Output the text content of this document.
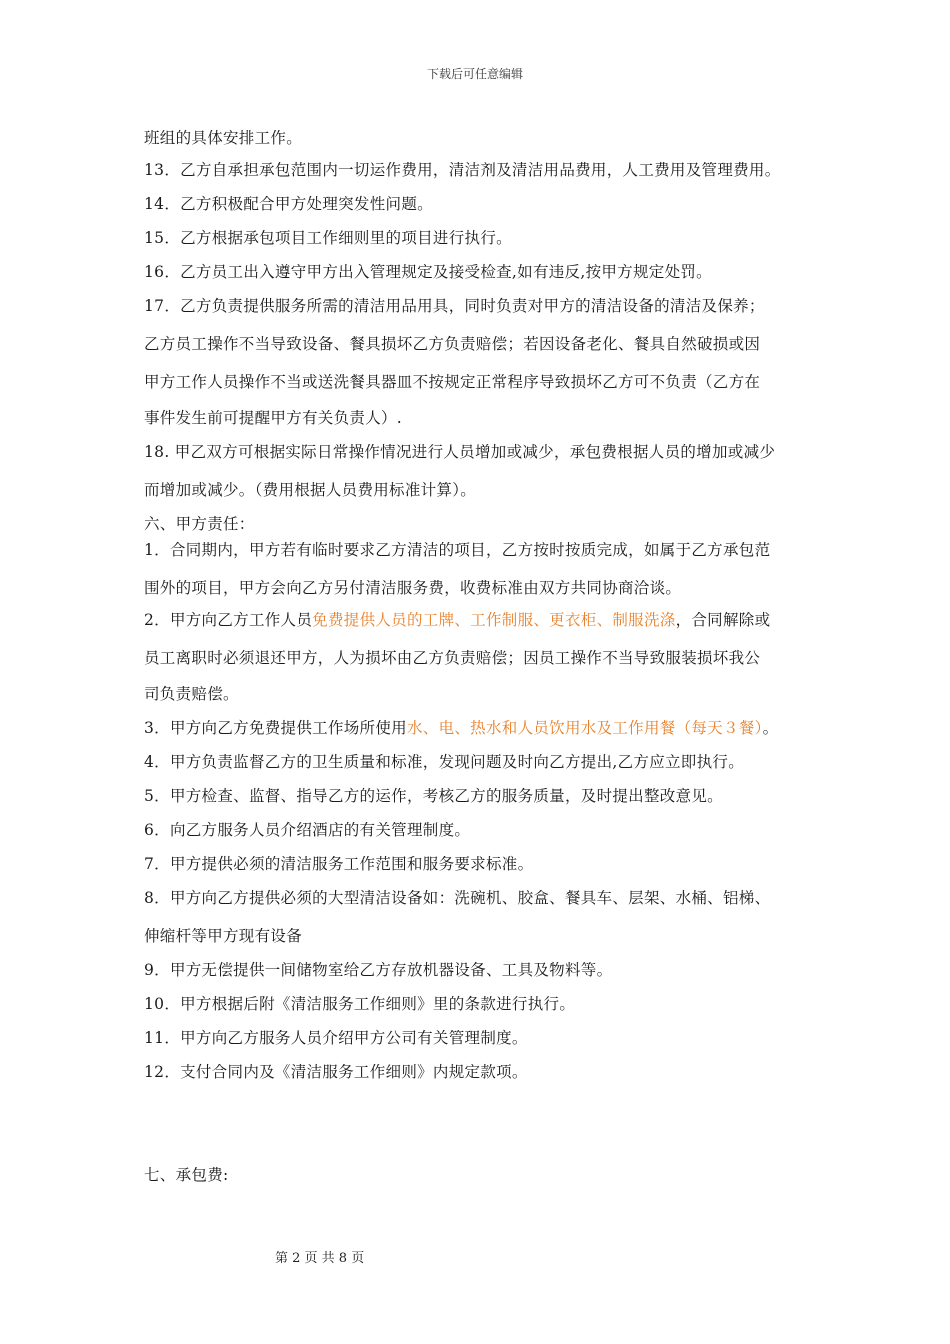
下载后可任意编辑
班组的具体安排工作。
13．乙方自承担承包范围内一切运作费用，清洁剂及清洁用品费用，人工费用及管理费用。
14．乙方积极配合甲方处理突发性问题。
15．乙方根据承包项目工作细则里的项目进行执行。
16．乙方员工出入遵守甲方出入管理规定及接受检查,如有违反,按甲方规定处罚。
17．乙方负责提供服务所需的清洁用品用具，同时负责对甲方的清洁设备的清洁及保养；
乙方员工操作不当导致设备、餐具损坏乙方负责赔偿；若因设备老化、餐具自然破损或因
甲方工作人员操作不当或送洗餐具器皿不按规定正常程序导致损坏乙方可不负责（乙方在
事件发生前可提醒甲方有关负责人）.
18. 甲乙双方可根据实际日常操作情况进行人员增加或减少，承包费根据人员的增加或减少
而增加或减少。（费用根据人员费用标准计算）。
六、甲方责任：
1．合同期内，甲方若有临时要求乙方清洁的项目，乙方按时按质完成，如属于乙方承包范
围外的项目，甲方会向乙方另付清洁服务费，收费标准由双方共同协商洽谈。
2．甲方向乙方工作人员免费提供人员的工牌、工作制服、更衣柜、制服洗涤，合同解除或
员工离职时必须退还甲方，人为损坏由乙方负责赔偿；因员工操作不当导致服装损坏我公
司负责赔偿。
3．甲方向乙方免费提供工作场所使用水、电、热水和人员饮用水及工作用餐（每天３餐）。
4．甲方负责监督乙方的卫生质量和标准，发现问题及时向乙方提出,乙方应立即执行。
5．甲方检查、监督、指导乙方的运作，考核乙方的服务质量，及时提出整改意见。
6．向乙方服务人员介绍酒店的有关管理制度。
7．甲方提供必须的清洁服务工作范围和服务要求标准。
8．甲方向乙方提供必须的大型清洁设备如：洗碗机、胶盒、餐具车、层架、水桶、铝梯、
伸缩杆等甲方现有设备
9．甲方无偿提供一间储物室给乙方存放机器设备、工具及物料等。
10．甲方根据后附《清洁服务工作细则》里的条款进行执行。
11．甲方向乙方服务人员介绍甲方公司有关管理制度。
12．支付合同内及《清洁服务工作细则》内规定款项。
七、承包费:
第 2 页 共 8 页
